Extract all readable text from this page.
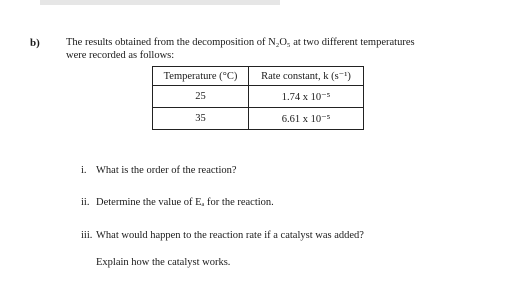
b) The results obtained from the decomposition of N₂O₅ at two different temperatures
were recorded as follows:
Temperature (°C)	Rate constant, k (s⁻¹)
25	1.74 x 10⁻⁵
35	6.61 x 10⁻⁵
i. What is the order of the reaction?
ii. Determine the value of Eₐ for the reaction.
iii. What would happen to the reaction rate if a catalyst was added?
Explain how the catalyst works.
